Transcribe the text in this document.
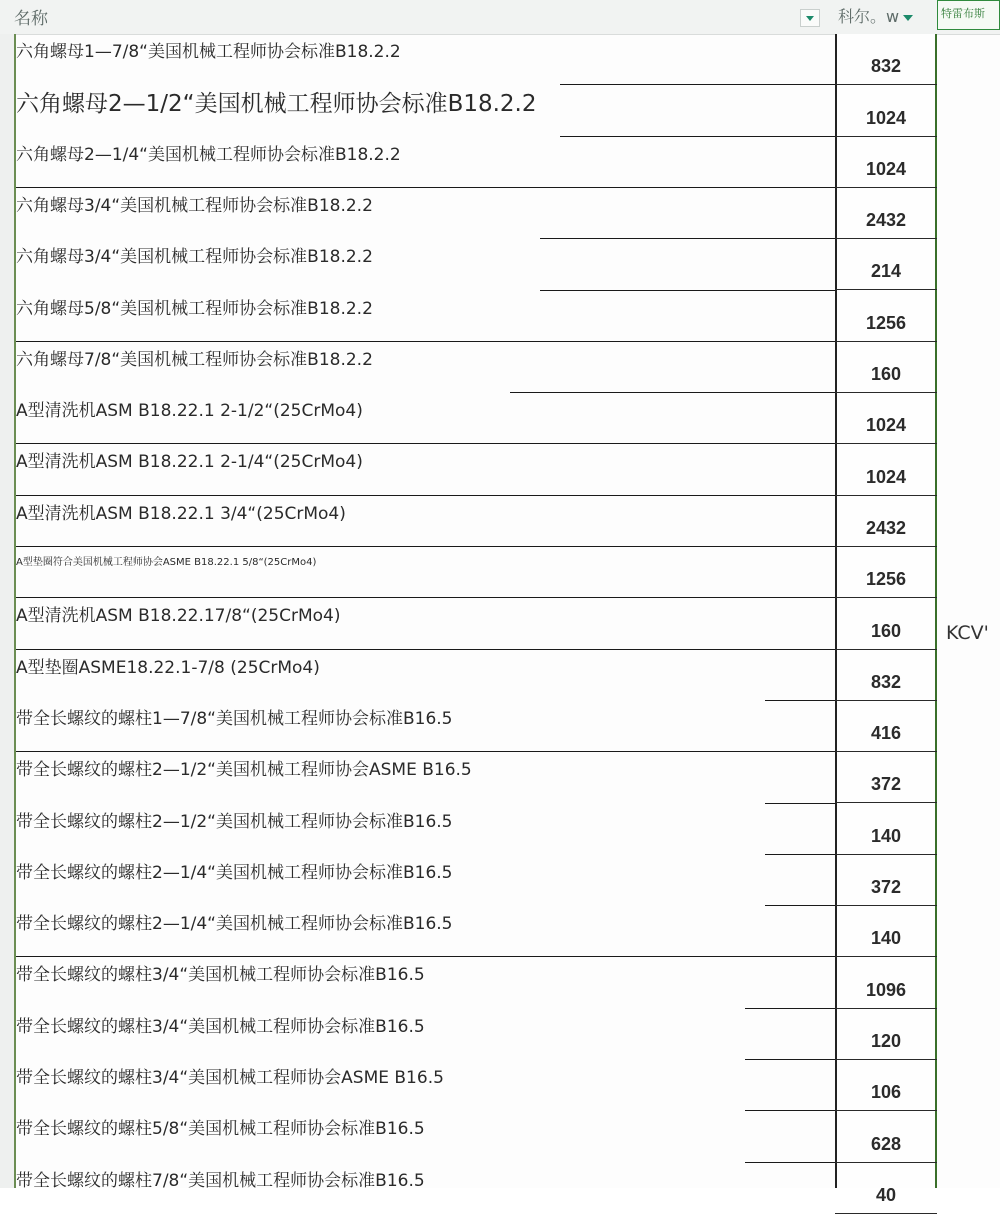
名称	科尔。w	特雷布斯
六角螺母1—7/8“美国机械工程师协会标准B18.2.2
832
六角螺母2—1/2“美国机械工程师协会标准B18.2.2
1024
六角螺母2—1/4“美国机械工程师协会标准B18.2.2
1024
六角螺母3/4“美国机械工程师协会标准B18.2.2
2432
六角螺母3/4“美国机械工程师协会标准B18.2.2
214
六角螺母5/8“美国机械工程师协会标准B18.2.2
1256
六角螺母7/8“美国机械工程师协会标准B18.2.2
160
A型清洗机ASM B18.22.1 2-1/2“(25CrMo4)
1024
A型清洗机ASM B18.22.1 2-1/4“(25CrMo4)
1024
A型清洗机ASM B18.22.1 3/4“(25CrMo4)
2432
A型垫圈符合美国机械工程师协会ASME B18.22.1 5/8“(25CrMo4)
1256
A型清洗机ASM B18.22.17/8“(25CrMo4)
160
A型垫圈ASME18.22.1-7/8 (25CrMo4)
832
带全长螺纹的螺柱1—7/8“美国机械工程师协会标准B16.5
416
带全长螺纹的螺柱2—1/2“美国机械工程师协会ASME B16.5
372
带全长螺纹的螺柱2—1/2“美国机械工程师协会标准B16.5
140
带全长螺纹的螺柱2—1/4“美国机械工程师协会标准B16.5
372
带全长螺纹的螺柱2—1/4“美国机械工程师协会标准B16.5
140
带全长螺纹的螺柱3/4“美国机械工程师协会标准B16.5
1096
带全长螺纹的螺柱3/4“美国机械工程师协会标准B16.5
120
带全长螺纹的螺柱3/4“美国机械工程师协会ASME B16.5
106
带全长螺纹的螺柱5/8“美国机械工程师协会标准B16.5
628
带全长螺纹的螺柱7/8“美国机械工程师协会标准B16.5
40
KCV'
